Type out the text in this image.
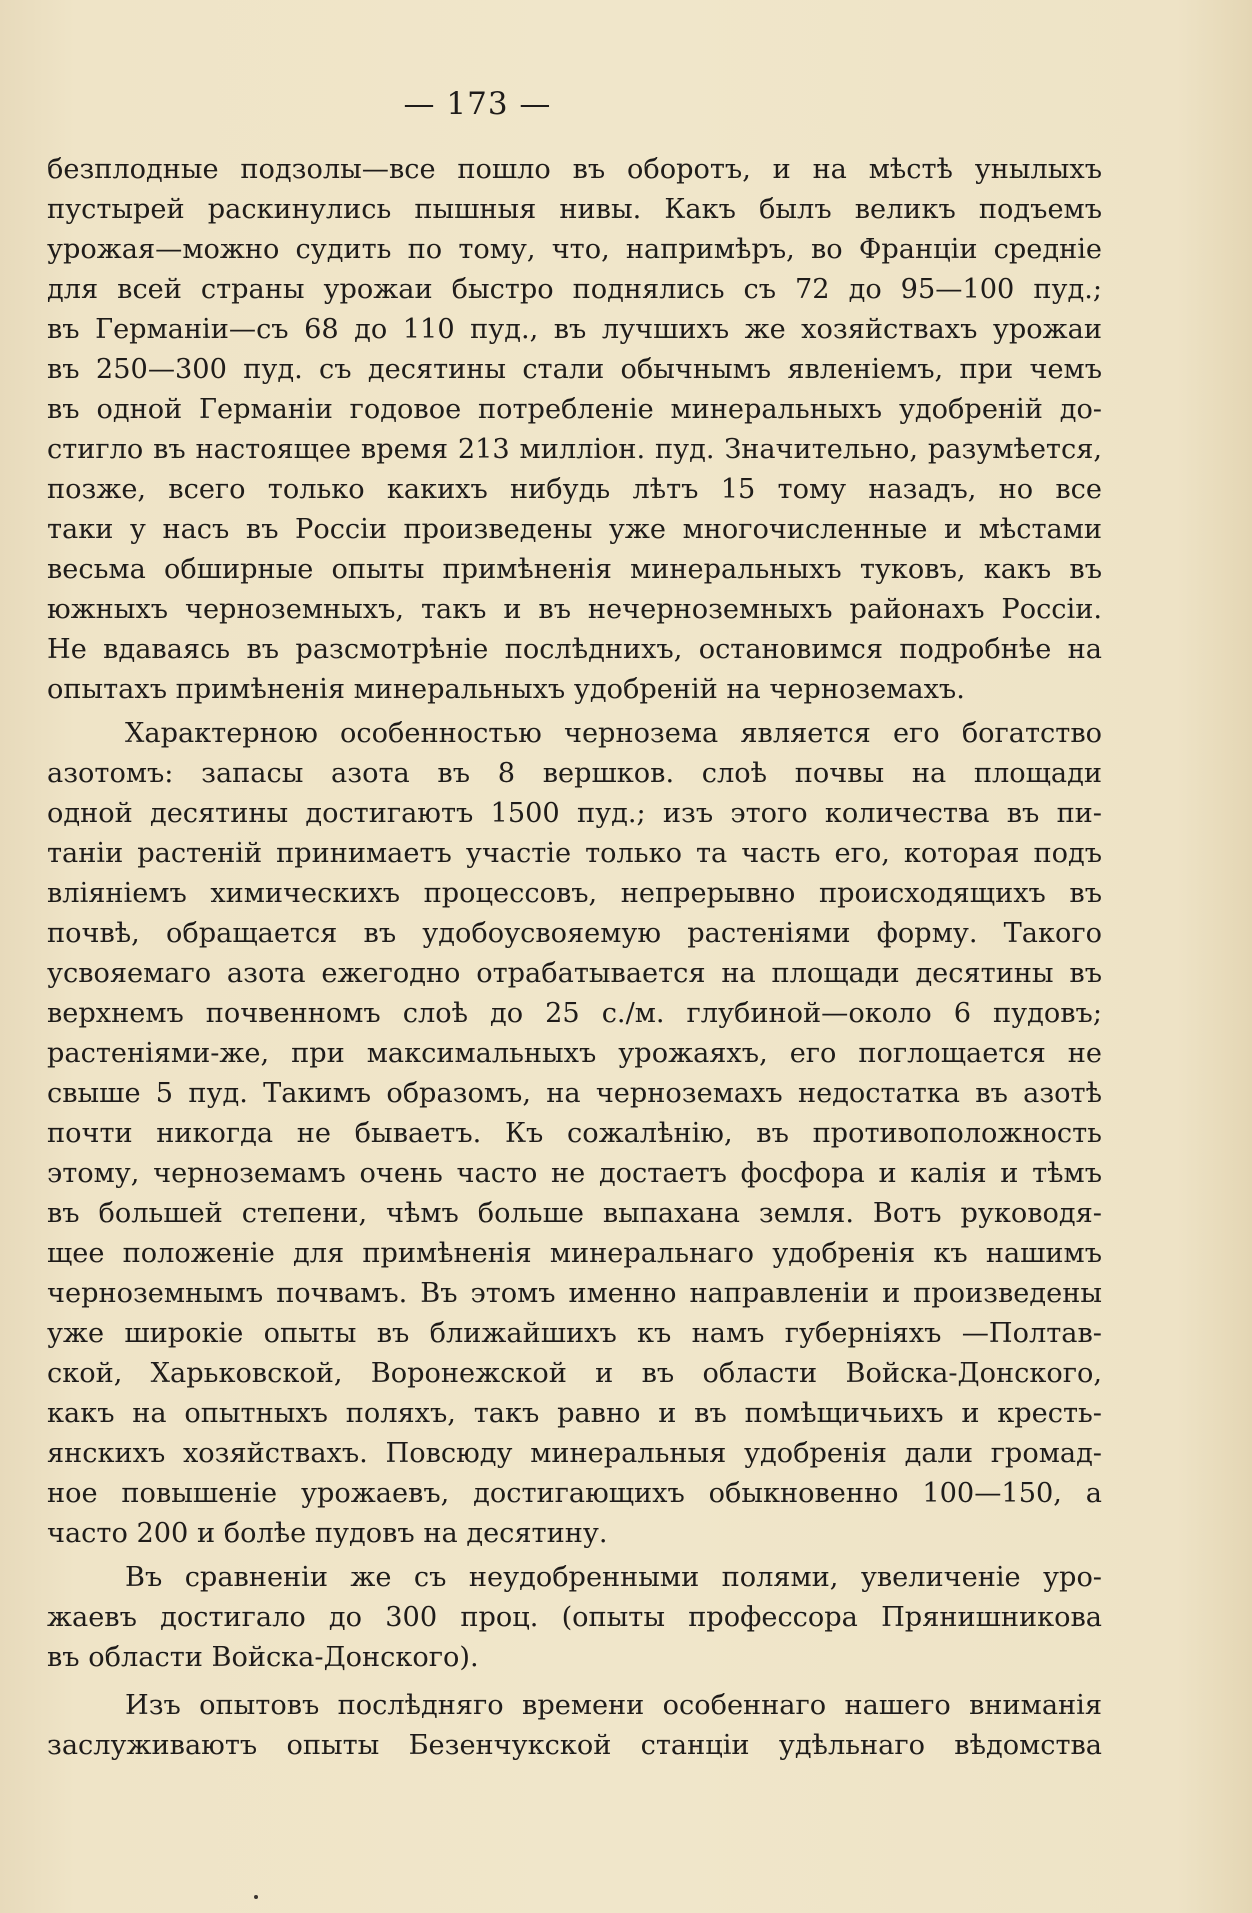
— 173 —
безплодные подзолы—все пошло въ оборотъ, и на мѣстѣ унылыхъ
пустырей раскинулись пышныя нивы. Какъ былъ великъ подъемъ
урожая—можно судить по тому, что, напримѣръ, во Франціи средніе
для всей страны урожаи быстро поднялись съ 72 до 95—100 пуд.;
въ Германіи—съ 68 до 110 пуд., въ лучшихъ же хозяйствахъ урожаи
въ 250—300 пуд. съ десятины стали обычнымъ явленіемъ, при чемъ
въ одной Германіи годовое потребленіе минеральныхъ удобреній до-
стигло въ настоящее время 213 милліон. пуд. Значительно, разумѣется,
позже, всего только какихъ нибудь лѣтъ 15 тому назадъ, но все
таки у насъ въ Россіи произведены уже многочисленные и мѣстами
весьма обширные опыты примѣненія минеральныхъ туковъ, какъ въ
южныхъ черноземныхъ, такъ и въ нечерноземныхъ районахъ Россіи.
Не вдаваясь въ разсмотрѣніе послѣднихъ, остановимся подробнѣе на
опытахъ примѣненія минеральныхъ удобреній на черноземахъ.
Характерною особенностью чернозема является его богатство
азотомъ: запасы азота въ 8 вершков. слоѣ почвы на площади
одной десятины достигаютъ 1500 пуд.; изъ этого количества въ пи-
таніи растеній принимаетъ участіе только та часть его, которая подъ
вліяніемъ химическихъ процессовъ, непрерывно происходящихъ въ
почвѣ, обращается въ удобоусвояемую растеніями форму. Такого
усвояемаго азота ежегодно отрабатывается на площади десятины въ
верхнемъ почвенномъ слоѣ до 25 с./м. глубиной—около 6 пудовъ;
растеніями-же, при максимальныхъ урожаяхъ, его поглощается не
свыше 5 пуд. Такимъ образомъ, на черноземахъ недостатка въ азотѣ
почти никогда не бываетъ. Къ сожалѣнію, въ противоположность
этому, черноземамъ очень часто не достаетъ фосфора и калія и тѣмъ
въ большей степени, чѣмъ больше выпахана земля. Вотъ руководя-
щее положеніе для примѣненія минеральнаго удобренія къ нашимъ
черноземнымъ почвамъ. Въ этомъ именно направленіи и произведены
уже широкіе опыты въ ближайшихъ къ намъ губерніяхъ —Полтав-
ской, Харьковской, Воронежской и въ области Войска-Донского,
какъ на опытныхъ поляхъ, такъ равно и въ помѣщичьихъ и кресть-
янскихъ хозяйствахъ. Повсюду минеральныя удобренія дали громад-
ное повышеніе урожаевъ, достигающихъ обыкновенно 100—150, а
часто 200 и болѣе пудовъ на десятину.
Въ сравненіи же съ неудобренными полями, увеличеніе уро-
жаевъ достигало до 300 проц. (опыты профессора Прянишникова
въ области Войска-Донского).
Изъ опытовъ послѣдняго времени особеннаго нашего вниманія
заслуживаютъ опыты Безенчукской станціи удѣльнаго вѣдомства
